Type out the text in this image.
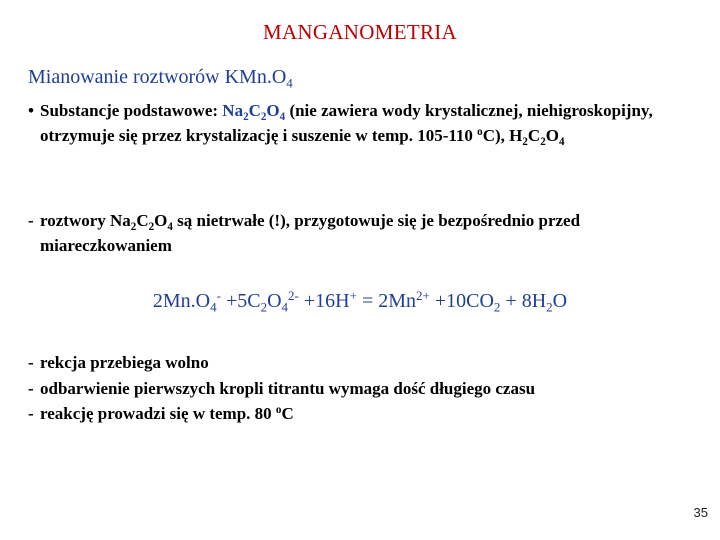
MANGANOMETRIA
Mianowanie roztworów $KMn.O_4$
• Substancje podstawowe: $Na_2C_2O_4$ (nie zawiera wody krystalicznej, niehigroskopijny, otrzymuje się przez krystalizację i suszenie w temp. 105-110 $^o$C), $H_2C_2O_4$
- roztwory $Na_2C_2O_4$ są nietrwałe (!), przygotowuje się je bezpośrednio przed miareczkowaniem
$2Mn.O_4^- +5C_2O_4^{2-} +16H^+ = 2Mn^{2+} +10CO_2 + 8H_2O$
- rekcja przebiega wolno
- odbarwienie pierwszych kropli titrantu wymaga dość długiego czasu
- reakcję prowadzi się w temp. 80 $^o$C
35
